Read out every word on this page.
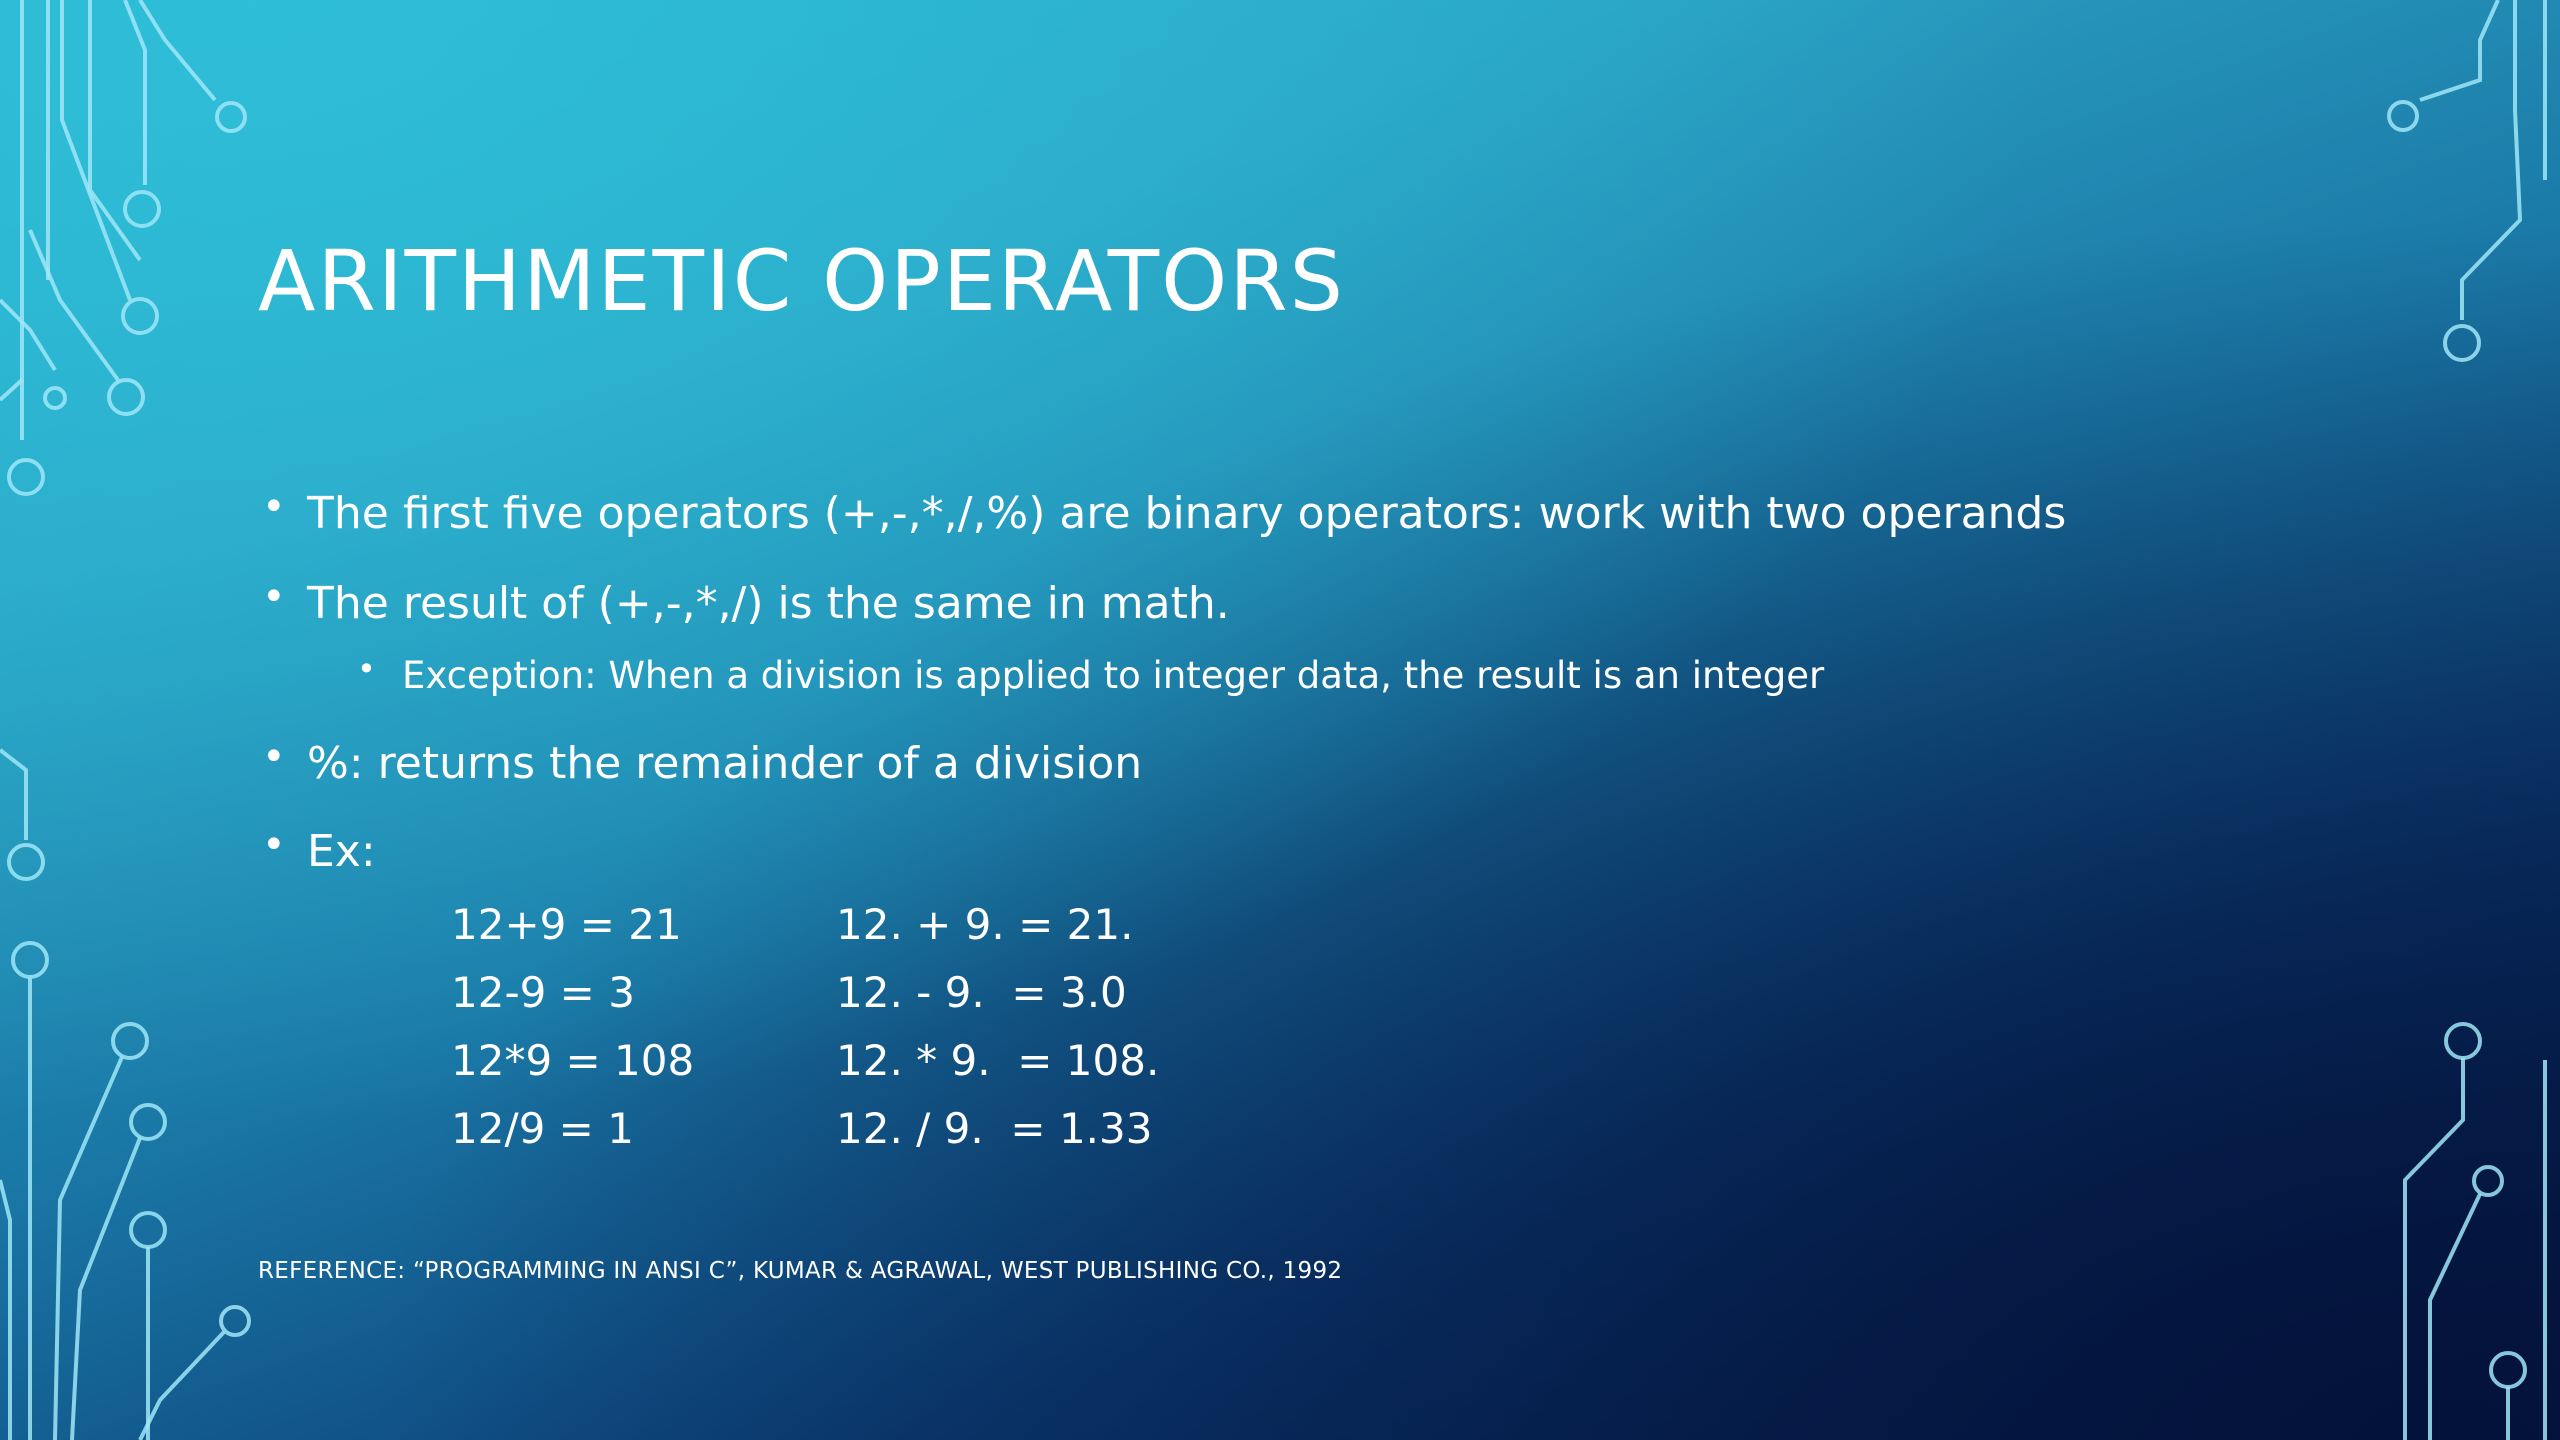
ARITHMETIC OPERATORS
• The first five operators (+,-,*,/,%) are binary operators: work with two operands
• The result of (+,-,*,/) is the same in math.
• Exception: When a division is applied to integer data, the result is an integer
• %: returns the remainder of a division
• Ex:
12+9 = 21
12-9 = 3
12*9 = 108
12/9 = 1
12. + 9. = 21.
12. - 9.  = 3.0
12. * 9.  = 108.
12. / 9.  = 1.33
REFERENCE: “PROGRAMMING IN ANSI C”, KUMAR & AGRAWAL, WEST PUBLISHING CO., 1992
